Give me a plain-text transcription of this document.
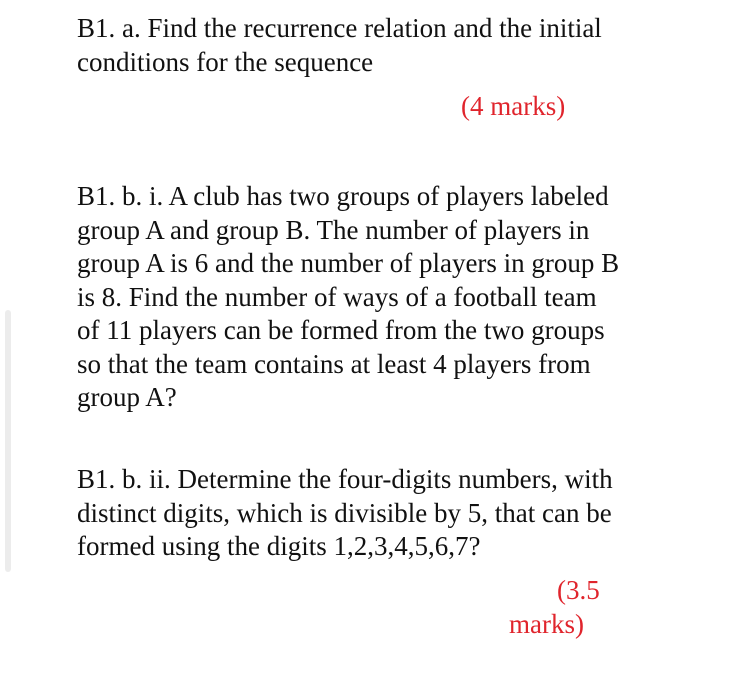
B1. a. Find the recurrence relation and the initial
conditions for the sequence
(4 marks)
B1. b. i. A club has two groups of players labeled
group A and group B. The number of players in
group A is 6 and the number of players in group B
is 8. Find the number of ways of a football team
of 11 players can be formed from the two groups
so that the team contains at least 4 players from
group A?
B1. b. ii. Determine the four-digits numbers, with
distinct digits, which is divisible by 5, that can be
formed using the digits 1,2,3,4,5,6,7?
(3.5
marks)
